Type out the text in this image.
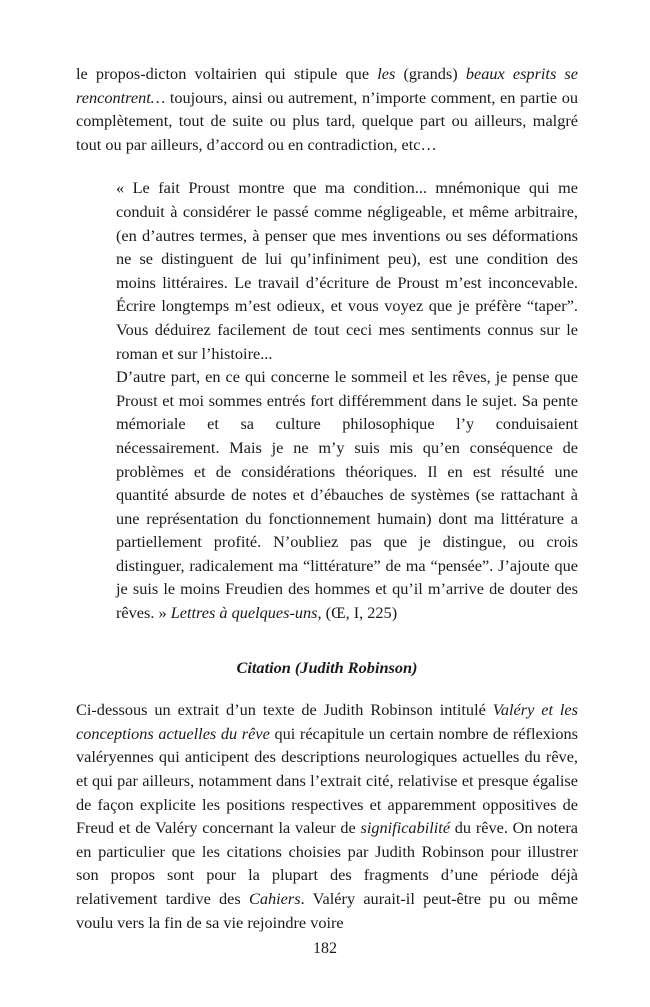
le propos-dicton voltairien qui stipule que les (grands) beaux esprits se rencontrent… toujours, ainsi ou autrement, n’importe comment, en partie ou complètement, tout de suite ou plus tard, quelque part ou ailleurs, malgré tout ou par ailleurs, d’accord ou en contradiction, etc…

« Le fait Proust montre que ma condition... mnémonique qui me conduit à considérer le passé comme négligeable, et même arbitraire, (en d’autres termes, à penser que mes inventions ou ses déformations ne se distinguent de lui qu’infiniment peu), est une condition des moins littéraires. Le travail d’écriture de Proust m’est inconcevable. Écrire longtemps m’est odieux, et vous voyez que je préfère “taper”. Vous déduirez facilement de tout ceci mes sentiments connus sur le roman et sur l’histoire...

D’autre part, en ce qui concerne le sommeil et les rêves, je pense que Proust et moi sommes entrés fort différemment dans le sujet. Sa pente mémoriale et sa culture philosophique l’y conduisaient nécessairement. Mais je ne m’y suis mis qu’en conséquence de problèmes et de considérations théoriques. Il en est résulté une quantité absurde de notes et d’ébauches de systèmes (se rattachant à une représentation du fonctionnement humain) dont ma littérature a partiellement profité. N’oubliez pas que je distingue, ou crois distinguer, radicalement ma “littérature” de ma “pensée”. J’ajoute que je suis le moins Freudien des hommes et qu’il m’arrive de douter des rêves. » Lettres à quelques-uns, (Œ, I, 225)

Citation (Judith Robinson)

Ci-dessous un extrait d’un texte de Judith Robinson intitulé Valéry et les conceptions actuelles du rêve qui récapitule un certain nombre de réflexions valéryennes qui anticipent des descriptions neurologiques actuelles du rêve, et qui par ailleurs, notamment dans l’extrait cité, relativise et presque égalise de façon explicite les positions respectives et apparemment oppositives de Freud et de Valéry concernant la valeur de significabilité du rêve. On notera en particulier que les citations choisies par Judith Robinson pour illustrer son propos sont pour la plupart des fragments d’une période déjà relativement tardive des Cahiers. Valéry aurait-il peut-être pu ou même voulu vers la fin de sa vie rejoindre voire

182
